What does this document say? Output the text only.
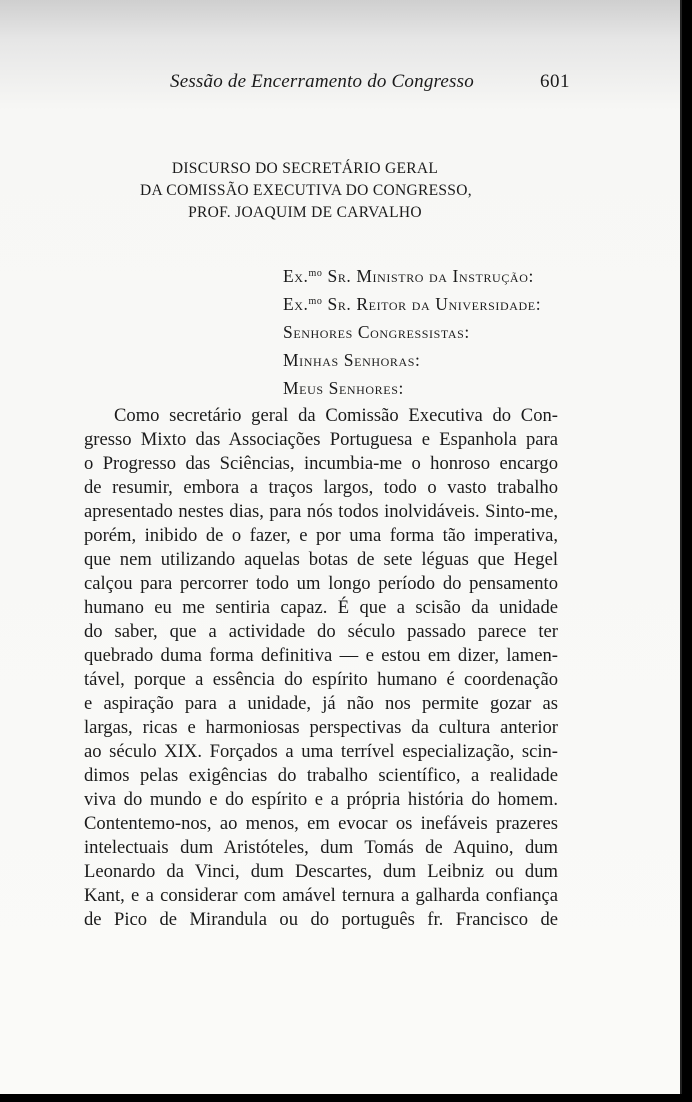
Sessão de Encerramento do Congresso	601
DISCURSO DO SECRETÁRIO GERAL
DA COMISSÃO EXECUTIVA DO CONGRESSO,
PROF. JOAQUIM DE CARVALHO
Ex.$^{mo}$ Sr. Ministro da Instrução:
Ex.$^{mo}$ Sr. Reitor da Universidade:
Senhores Congressistas:
Minhas Senhoras:
Meus Senhores:
Como secretário geral da Comissão Executiva do Con-
gresso Mixto das Associações Portuguesa e Espanhola para
o Progresso das Sciências, incumbia-me o honroso encargo
de resumir, embora a traços largos, todo o vasto trabalho
apresentado nestes dias, para nós todos inolvidáveis. Sinto-me,
porém, inibido de o fazer, e por uma forma tão imperativa,
que nem utilizando aquelas botas de sete léguas que Hegel
calçou para percorrer todo um longo período do pensamento
humano eu me sentiria capaz. É que a scisão da unidade
do saber, que a actividade do século passado parece ter
quebrado duma forma definitiva — e estou em dizer, lamen-
tável, porque a essência do espírito humano é coordenação
e aspiração para a unidade, já não nos permite gozar as
largas, ricas e harmoniosas perspectivas da cultura anterior
ao século XIX. Forçados a uma terrível especialização, scin-
dimos pelas exigências do trabalho scientífico, a realidade
viva do mundo e do espírito e a própria história do homem.
Contentemo-nos, ao menos, em evocar os inefáveis prazeres
intelectuais dum Aristóteles, dum Tomás de Aquino, dum
Leonardo da Vinci, dum Descartes, dum Leibniz ou dum
Kant, e a considerar com amável ternura a galharda confiança
de Pico de Mirandula ou do português fr. Francisco de
